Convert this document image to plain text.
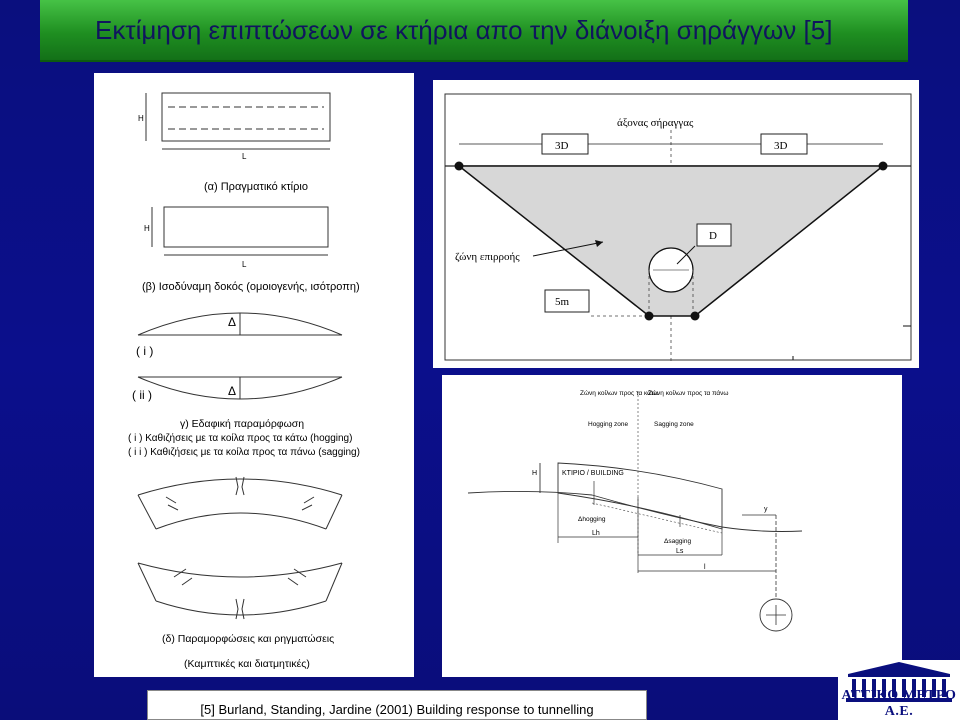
Εκτίμηση επιπτώσεων σε κτήρια απο την διάνοιξη σηράγγων [5]
H
L
(α) Πραγματικό κτίριο
H
L
(β) Ισοδύναμη δοκός (ομοιογενής, ισότροπη)
Δ
( i )
Δ
( ii )
γ) Εδαφική παραμόρφωση
( i ) Καθιζήσεις με τα κοίλα προς τα κάτω (hogging)
( i i ) Καθιζήσεις με τα κοίλα προς τα πάνω (sagging)
(δ) Παραμορφώσεις και ρηγματώσεις
(Καμπτικές και διατμητικές)
άξονας σήραγγας
3D	3D
D
ζώνη επιρροής
5m
Ζώνη κοίλων προς τα κάτω
Hogging zone
Ζώνη κοίλων προς τα πάνω
Sagging zone
H	KTIPIO / BUILDING
Δhogging
Lh
Δsagging
Ls
l
y
[5] Burland, Standing, Jardine (2001) Building response to tunnelling
ΑΤΤΙΚΟ ΜΕΤΡΟ Α.Ε.
